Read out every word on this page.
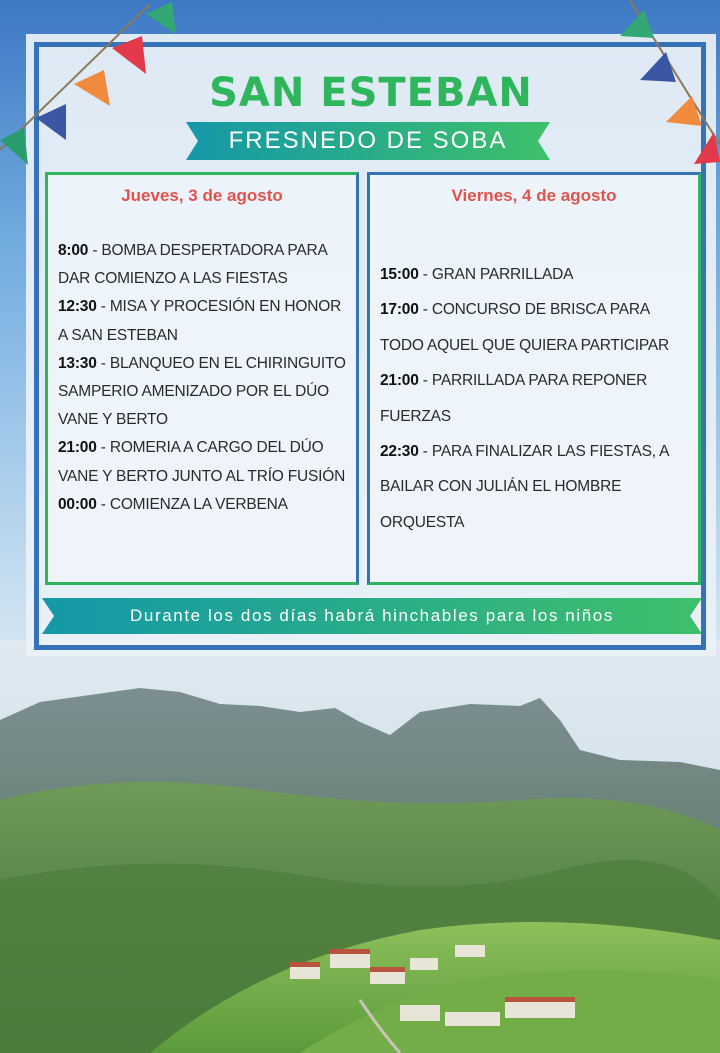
SAN ESTEBAN
FRESNEDO DE SOBA
Jueves, 3 de agosto
8:00 - BOMBA DESPERTADORA PARA DAR COMIENZO A LAS FIESTAS
12:30 - MISA Y PROCESIÓN EN HONOR A SAN ESTEBAN
13:30 - BLANQUEO EN EL CHIRINGUITO SAMPERIO AMENIZADO POR EL DÚO VANE Y BERTO
21:00 - ROMERIA A CARGO DEL DÚO VANE Y BERTO JUNTO AL TRÍO FUSIÓN
00:00 - COMIENZA LA VERBENA
Viernes, 4 de agosto
15:00 - GRAN PARRILLADA
17:00 - CONCURSO DE BRISCA PARA TODO AQUEL QUE QUIERA PARTICIPAR
21:00 - PARRILLADA PARA REPONER FUERZAS
22:30 - PARA FINALIZAR LAS FIESTAS, A BAILAR CON JULIÁN EL HOMBRE ORQUESTA
Durante los dos días habrá hinchables para los niños
